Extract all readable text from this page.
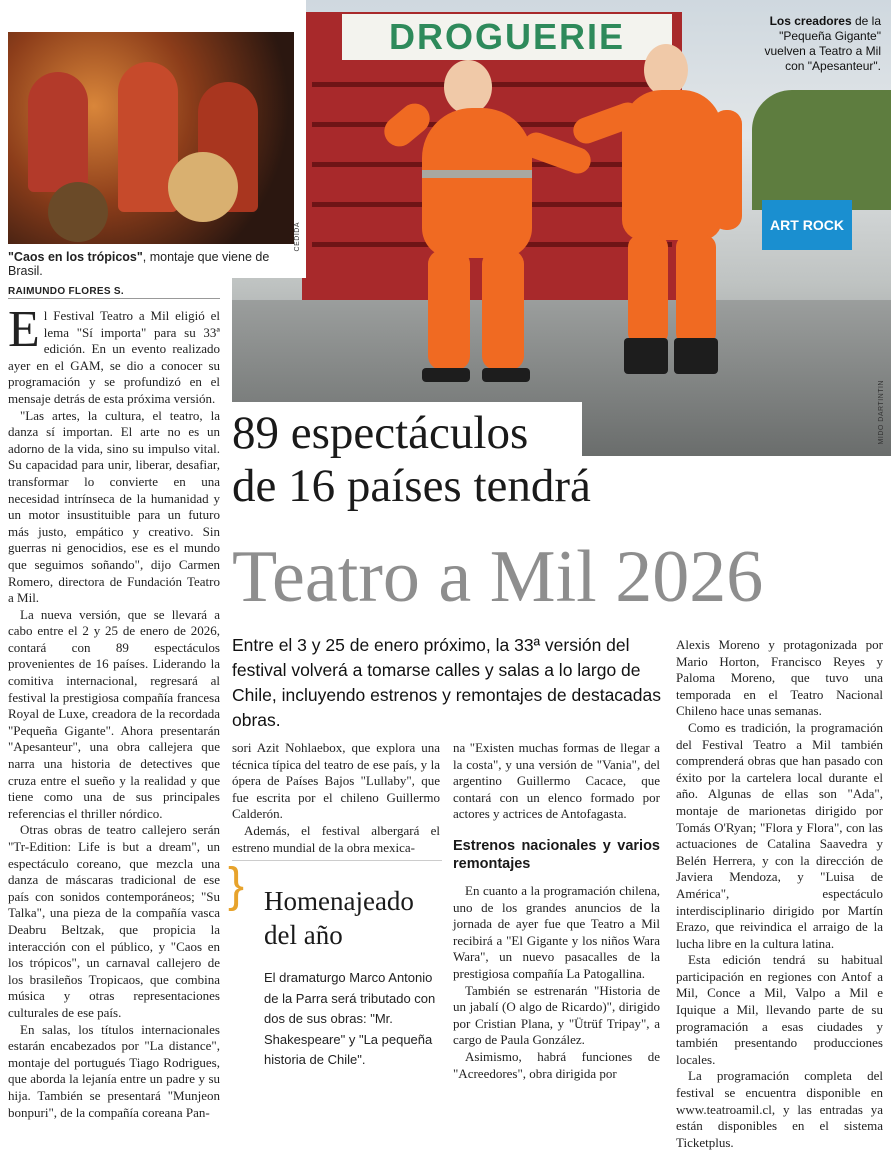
DROGUERIE
ART ROCK
MIDO DARTINTIN
Los creadores de la "Pequeña Gigante" vuelven a Teatro a Mil con "Apesanteur".
CEDIDA
"Caos en los trópicos", montaje que viene de Brasil.
RAIMUNDO FLORES S.
89 espectáculos
de 16 países tendrá
Teatro a Mil 2026
Entre el 3 y 25 de enero próximo, la 33ª versión del festival volverá a tomarse calles y salas a lo largo de Chile, incluyendo estrenos y remontajes de destacadas obras.

El Festival Teatro a Mil eligió el lema "Sí importa" para su 33ª edición. En un evento realizado ayer en el GAM, se dio a conocer su programación y se profundizó en el mensaje detrás de esta próxima versión.

"Las artes, la cultura, el teatro, la danza sí importan. El arte no es un adorno de la vida, sino su impulso vital. Su capacidad para unir, liberar, desafiar, transformar lo convierte en una necesidad intrínseca de la humanidad y un motor insustituible para un futuro más justo, empático y creativo. Sin guerras ni genocidios, ese es el mundo que seguimos soñando", dijo Carmen Romero, directora de Fundación Teatro a Mil.

La nueva versión, que se llevará a cabo entre el 2 y 25 de enero de 2026, contará con 89 espectáculos provenientes de 16 países. Liderando la comitiva internacional, regresará al festival la prestigiosa compañía francesa Royal de Luxe, creadora de la recordada "Pequeña Gigante". Ahora presentarán "Apesanteur", una obra callejera que narra una historia de detectives que cruza entre el sueño y la realidad y que tiene como una de sus principales referencias el thriller nórdico.

Otras obras de teatro callejero serán "Tr-Edition: Life is but a dream", un espectáculo coreano, que mezcla una danza de máscaras tradicional de ese país con sonidos contemporáneos; "Su Talka", una pieza de la compañía vasca Deabru Beltzak, que propicia la interacción con el público, y "Caos en los trópicos", un carnaval callejero de los brasileños Tropicaos, que combina música y otras representaciones culturales de ese país.

En salas, los títulos internacionales estarán encabezados por "La distance", montaje del portugués Tiago Rodrigues, que aborda la lejanía entre un padre y su hija. También se presentará "Munjeon bonpuri", de la compañía coreana Pan-

sori Azit Nohlaebox, que explora una técnica típica del teatro de ese país, y la ópera de Países Bajos "Lullaby", que fue escrita por el chileno Guillermo Calderón.

Además, el festival albergará el estreno mundial de la obra mexica-

} Homenajeado del año
El dramaturgo Marco Antonio de la Parra será tributado con dos de sus obras: "Mr. Shakespeare" y "La pequeña historia de Chile".

na "Existen muchas formas de llegar a la costa", y una versión de "Vania", del argentino Guillermo Cacace, que contará con un elenco formado por actores y actrices de Antofagasta.

Estrenos nacionales y varios remontajes

En cuanto a la programación chilena, uno de los grandes anuncios de la jornada de ayer fue que Teatro a Mil recibirá a "El Gigante y los niños Wara Wara", un nuevo pasacalles de la prestigiosa compañía La Patogallina.

También se estrenarán "Historia de un jabalí (O algo de Ricardo)", dirigido por Cristian Plana, y "Ütrüf Tripay", a cargo de Paula González.

Asimismo, habrá funciones de "Acreedores", obra dirigida por

Alexis Moreno y protagonizada por Mario Horton, Francisco Reyes y Paloma Moreno, que tuvo una temporada en el Teatro Nacional Chileno hace unas semanas.

Como es tradición, la programación del Festival Teatro a Mil también comprenderá obras que han pasado con éxito por la cartelera local durante el año. Algunas de ellas son "Ada", montaje de marionetas dirigido por Tomás O'Ryan; "Flora y Flora", con las actuaciones de Catalina Saavedra y Belén Herrera, y con la dirección de Javiera Mendoza, y "Luisa de América", espectáculo interdisciplinario dirigido por Martín Erazo, que reivindica el arraigo de la lucha libre en la cultura latina.

Esta edición tendrá su habitual participación en regiones con Antof a Mil, Conce a Mil, Valpo a Mil e Iquique a Mil, llevando parte de su programación a esas ciudades y también presentando producciones locales.

La programación completa del festival se encuentra disponible en www.teatroamil.cl, y las entradas ya están disponibles en el sistema Ticketplus.
